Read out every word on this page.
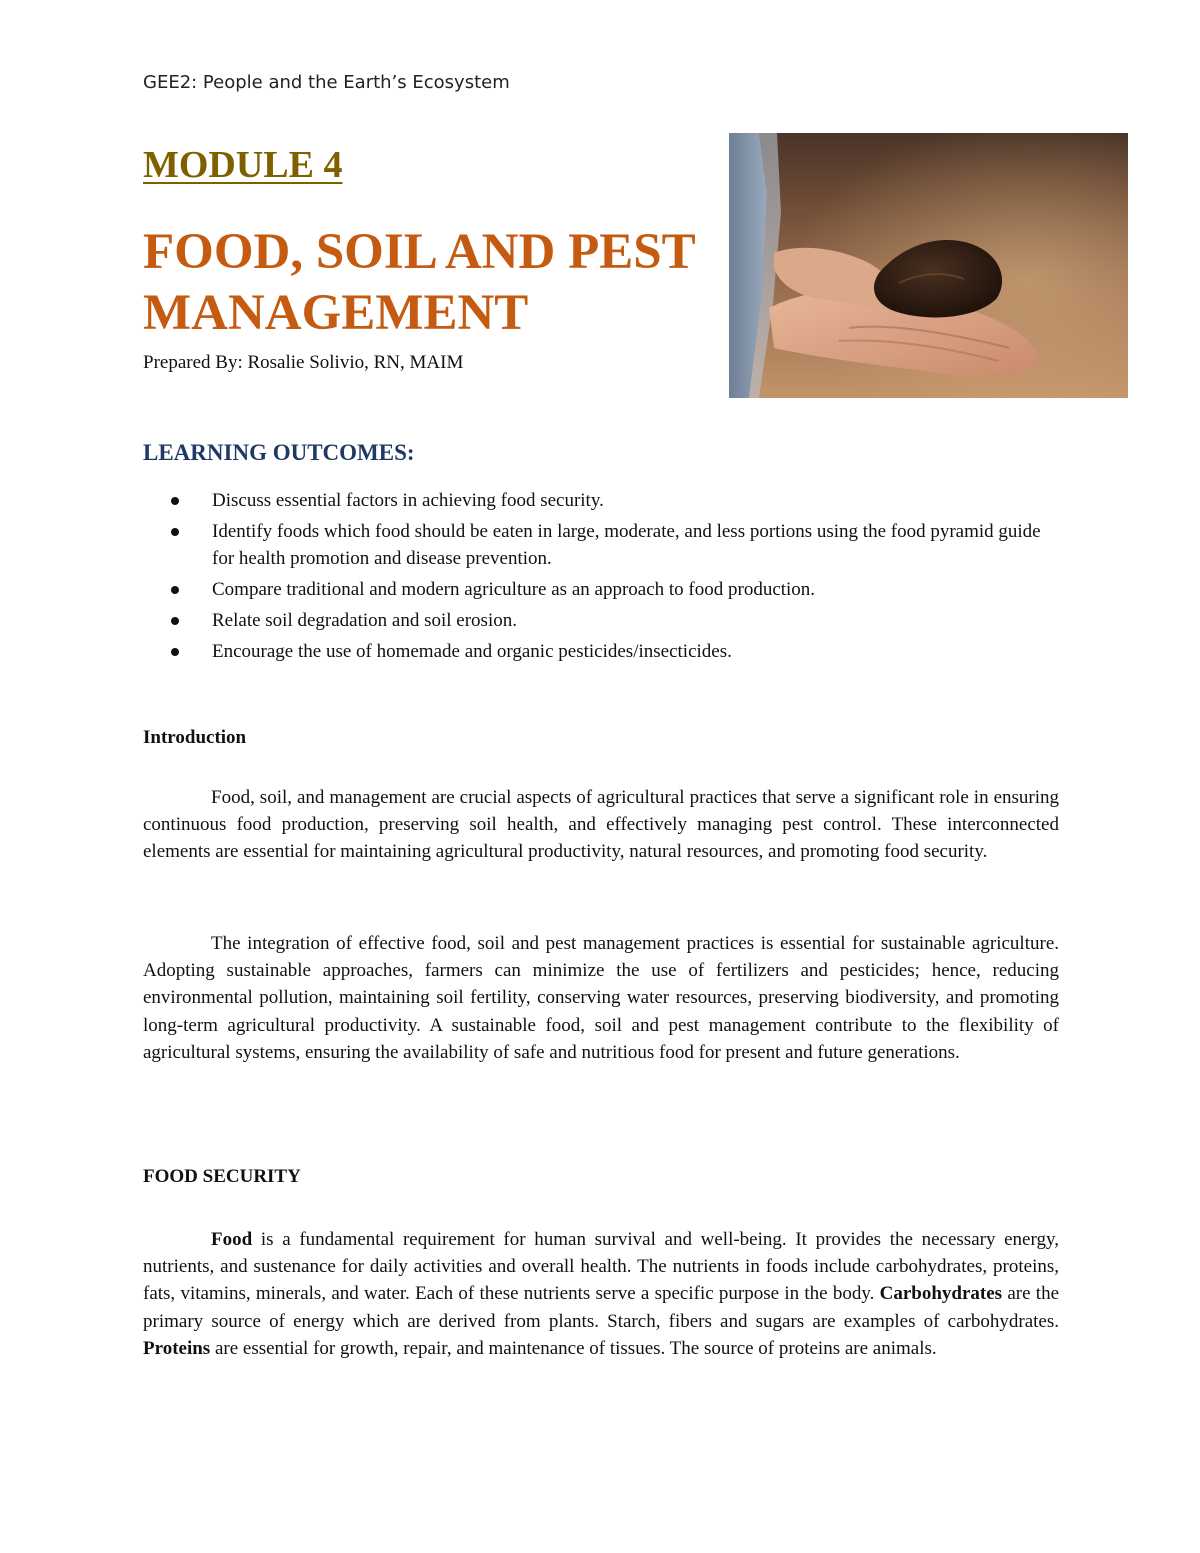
GEE2: People and the Earth’s Ecosystem
MODULE 4
FOOD, SOIL AND PEST MANAGEMENT
Prepared By: Rosalie Solivio, RN, MAIM
LEARNING OUTCOMES:
Discuss essential factors in achieving food security.
Identify foods which food should be eaten in large, moderate, and less portions using the food pyramid guide for health promotion and disease prevention.
Compare traditional and modern agriculture as an approach to food production.
Relate soil degradation and soil erosion.
Encourage the use of homemade and organic pesticides/insecticides.
Introduction

Food, soil, and management are crucial aspects of agricultural practices that serve a significant role in ensuring continuous food production, preserving soil health, and effectively managing pest control. These interconnected elements are essential for maintaining agricultural productivity, natural resources, and promoting food security.

The integration of effective food, soil and pest management practices is essential for sustainable agriculture. Adopting sustainable approaches, farmers can minimize the use of fertilizers and pesticides; hence, reducing environmental pollution, maintaining soil fertility, conserving water resources, preserving biodiversity, and promoting long-term agricultural productivity. A sustainable food, soil and pest management contribute to the flexibility of agricultural systems, ensuring the availability of safe and nutritious food for present and future generations.

FOOD SECURITY

Food is a fundamental requirement for human survival and well-being. It provides the necessary energy, nutrients, and sustenance for daily activities and overall health. The nutrients in foods include carbohydrates, proteins, fats, vitamins, minerals, and water. Each of these nutrients serve a specific purpose in the body. Carbohydrates are the primary source of energy which are derived from plants. Starch, fibers and sugars are examples of carbohydrates. Proteins are essential for growth, repair, and maintenance of tissues. The source of proteins are animals.
